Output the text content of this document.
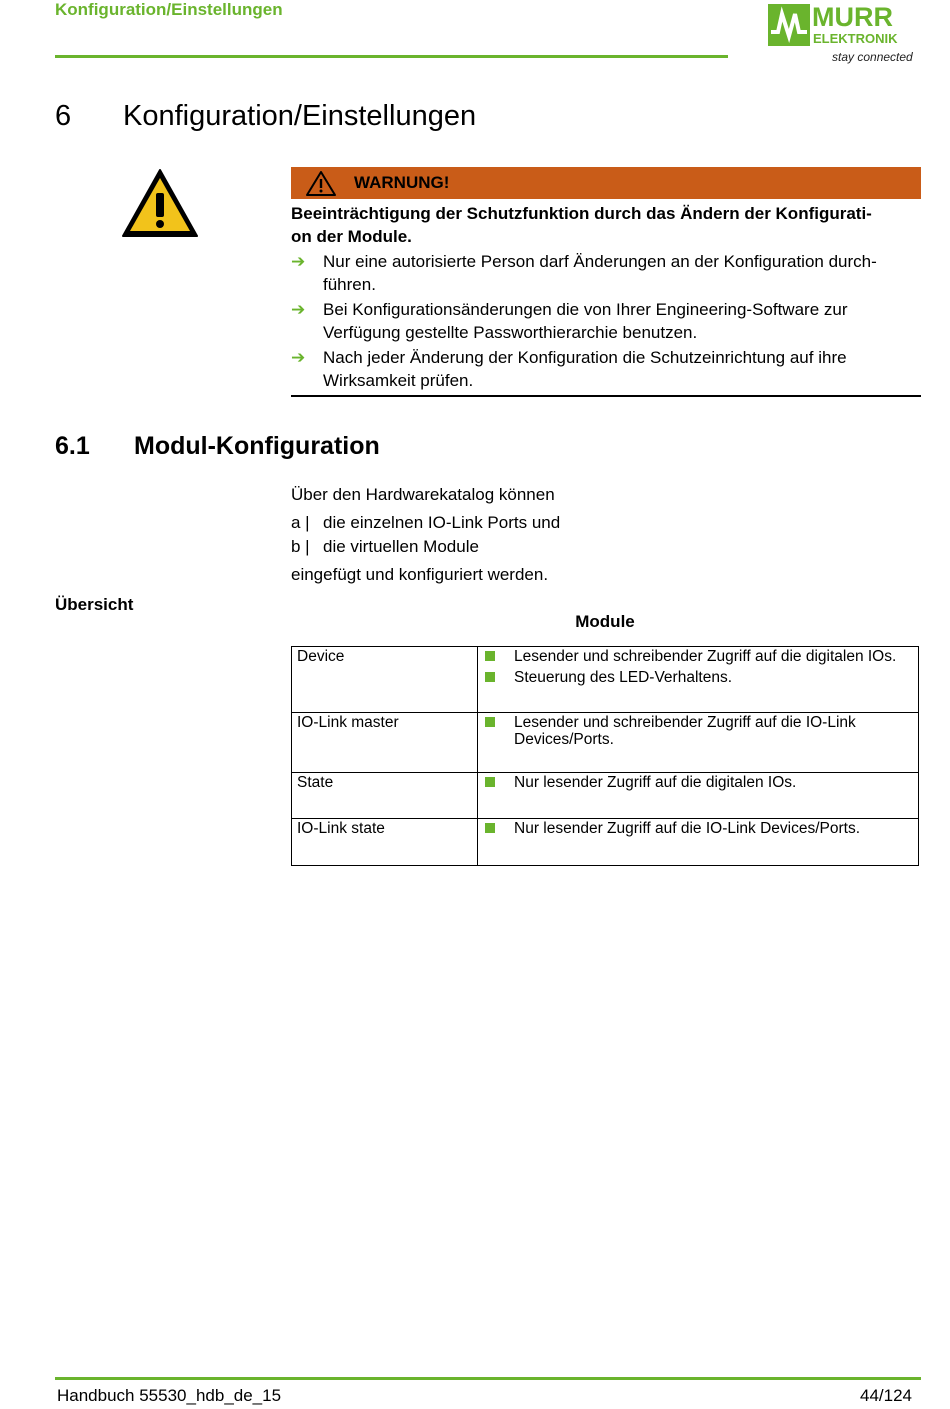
Konfiguration/Einstellungen	MURR
ELEKTRONIK
stay connected
6 Konfiguration/Einstellungen
WARNUNG!
Beeinträchtigung der Schutzfunktion durch das Ändern der Konfigurati-
on der Module.
➔ Nur eine autorisierte Person darf Änderungen an der Konfiguration durch-
führen.
➔ Bei Konfigurationsänderungen die von Ihrer Engineering-Software zur
Verfügung gestellte Passworthierarchie benutzen.
➔ Nach jeder Änderung der Konfiguration die Schutzeinrichtung auf ihre
Wirksamkeit prüfen.
6.1 Modul-Konfiguration
Über den Hardwarekatalog können
a | die einzelnen IO-Link Ports und
b | die virtuellen Module
eingefügt und konfiguriert werden.
Übersicht
Module
Device	Lesender und schreibender Zugriff auf die digitalen IOs.
Steuerung des LED-Verhaltens.

IO-Link master	Lesender und schreibender Zugriff auf die IO-Link Devices/Ports.

State	Nur lesender Zugriff auf die digitalen IOs.

IO-Link state	Nur lesender Zugriff auf die IO-Link Devices/Ports.
Handbuch 55530_hdb_de_15	44/124
